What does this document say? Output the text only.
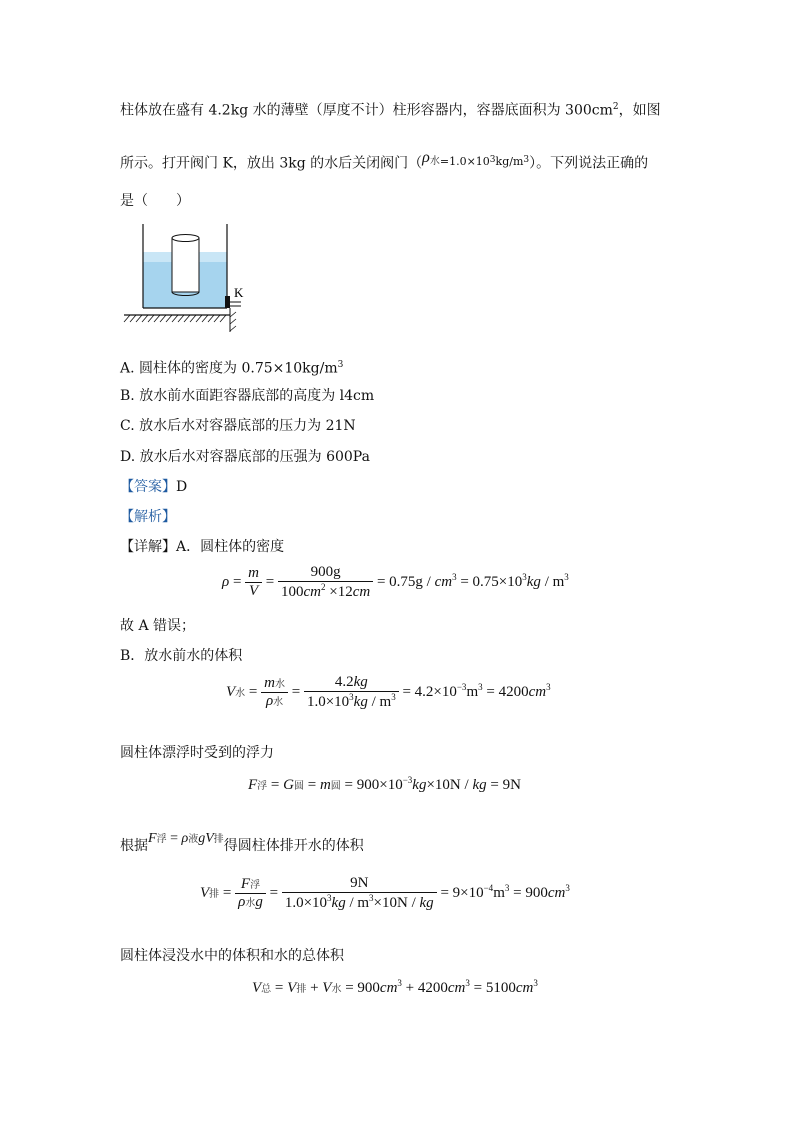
柱体放在盛有 4.2kg 水的薄壁（厚度不计）柱形容器内，容器底面积为 $300cm^2$，如图
所示。打开阀门 K，放出 3kg 的水后关闭阀门$(\rho^{水=1.0\times 103kg/m3})$。下列说法正确的
是（　　）
K
A. 圆柱体的密度为 $0.75\times 10kg/m^3$
B. 放水前水面距容器底部的高度为 l4cm
C. 放水后水对容器底部的压力为 21N
D. 放水后水对容器底部的压强为 600Pa
【答案】D
【解析】
【详解】A．圆柱体的密度
$\rho = \frac{m}{V} = \frac{900g}{100cm^2 \times 12cm} = 0.75g / cm^3 = 0.75\times 10^3kg / m^3$
故 A 错误；
B．放水前水的体积
V水 = $\frac{\text{m水}}{\text{ρ水}} = \frac{4.2kg}{1.0\times 10^3kg / m^3} = 4.2\times 10^{-3}m^3 = 4200cm^3$
圆柱体漂浮时受到的浮力
F浮 = G圆 = m圆 = $900\times 10^{-3}kg\times 10N$ / kg = 9N
根据F浮 = ρ液gV排得圆柱体排开水的体积
V排 = $\frac{\text{F浮}}{\text{ρ水g}} = \frac{9N}{1.0\times 10^3kg / m^3\times 10N / kg} = 9\times 10^{-4}m^3 = 900cm^3$
圆柱体浸没水中的体积和水的总体积
V总 = V排 + V水 = $900cm^3 + 4200cm^3 = 5100cm^3$
